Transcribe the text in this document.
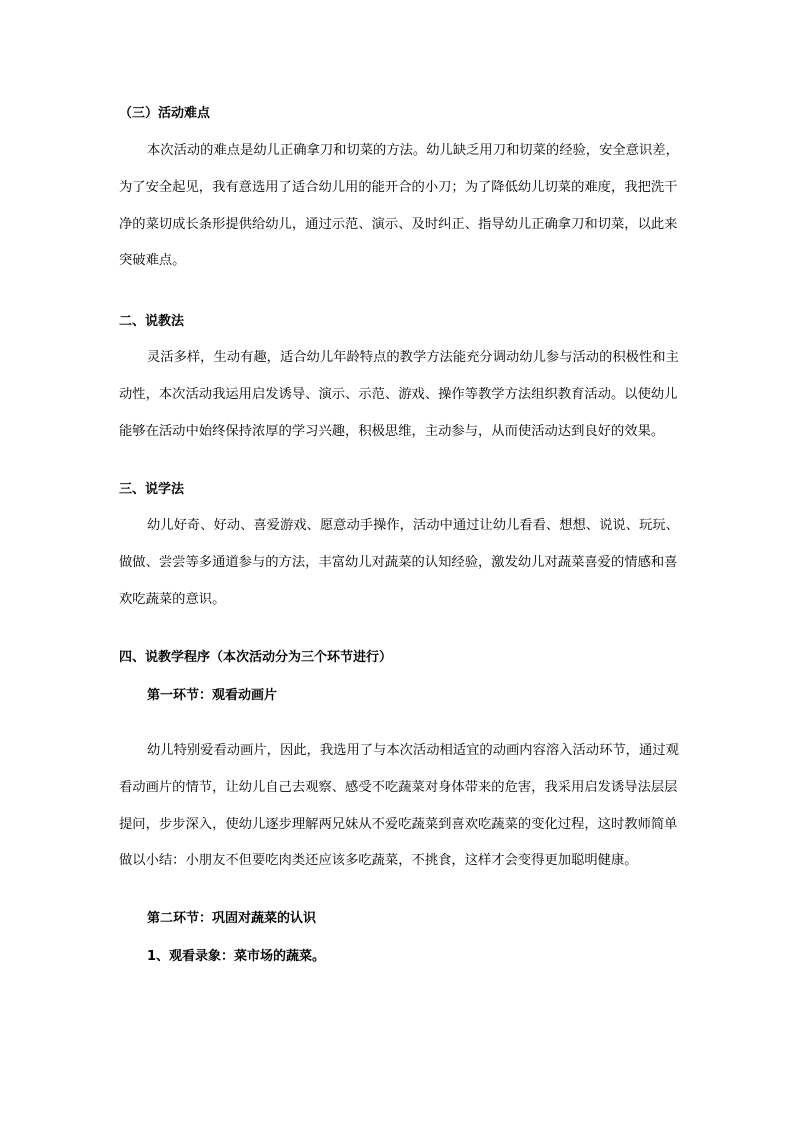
（三）活动难点
本次活动的难点是幼儿正确拿刀和切菜的方法。幼儿缺乏用刀和切菜的经验，安全意识差，
为了安全起见，我有意选用了适合幼儿用的能开合的小刀；为了降低幼儿切菜的难度，我把洗干
净的菜切成长条形提供给幼儿，通过示范、演示、及时纠正、指导幼儿正确拿刀和切菜，以此来
突破难点。
二、说教法
灵活多样，生动有趣，适合幼儿年龄特点的教学方法能充分调动幼儿参与活动的积极性和主
动性，本次活动我运用启发诱导、演示、示范、游戏、操作等教学方法组织教育活动。以使幼儿
能够在活动中始终保持浓厚的学习兴趣，积极思维，主动参与，从而使活动达到良好的效果。
三、说学法
幼儿好奇、好动、喜爱游戏、愿意动手操作，活动中通过让幼儿看看、想想、说说、玩玩、
做做、尝尝等多通道参与的方法，丰富幼儿对蔬菜的认知经验，激发幼儿对蔬菜喜爱的情感和喜
欢吃蔬菜的意识。
四、说教学程序（本次活动分为三个环节进行）
第一环节：观看动画片
幼儿特别爱看动画片，因此，我选用了与本次活动相适宜的动画内容溶入活动环节，通过观
看动画片的情节，让幼儿自己去观察、感受不吃蔬菜对身体带来的危害，我采用启发诱导法层层
提问，步步深入，使幼儿逐步理解两兄妹从不爱吃蔬菜到喜欢吃蔬菜的变化过程，这时教师简单
做以小结：小朋友不但要吃肉类还应该多吃蔬菜，不挑食，这样才会变得更加聪明健康。
第二环节：巩固对蔬菜的认识
1、观看录象：菜市场的蔬菜。
